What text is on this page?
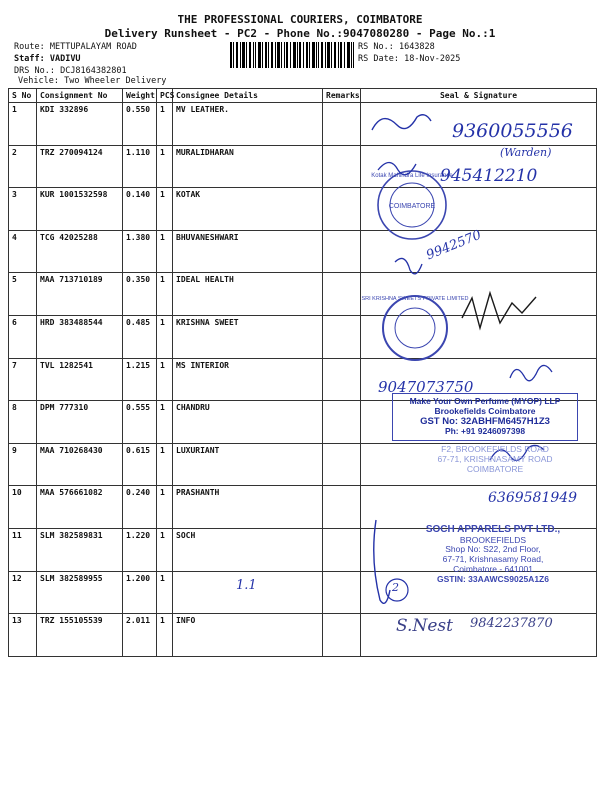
THE PROFESSIONAL COURIERS, COIMBATORE
Delivery Runsheet - PC2 - Phone No.:9047080280 - Page No.:1
Route: METTUPALAYAM ROAD
Staff: VADIVU
DRS No.: DCJ8164382801
Vehicle: Two Wheeler Delivery
RS No.: 1643828
RS Date: 18-Nov-2025
S No	Consignment No	Weight	PCS	Consignee Details	Remarks	Seal & Signature
1	KDI 332896	0.550	1	MV LEATHER.		
2	TRZ 270094124	1.110	1	MURALIDHARAN		
3	KUR 1001532598	0.140	1	KOTAK		
4	TCG 42025288	1.380	1	BHUVANESHWARI		
5	MAA 713710189	0.350	1	IDEAL HEALTH		
6	HRD 383488544	0.485	1	KRISHNA SWEET		
7	TVL 1282541	1.215	1	MS INTERIOR		
8	DPM 777310	0.555	1	CHANDRU		
9	MAA 710268430	0.615	1	LUXURIANT		
10	MAA 576661082	0.240	1	PRASHANTH		
11	SLM 382589831	1.220	1	SOCH		
12	SLM 382589955	1.200	1			
13	TRZ 155105539	2.011	1	INFO		
Kotak Mahindra Life Insurance
COIMBATORE
SRI KRISHNA SWEETS PRIVATE LIMITED
Make Your Own Perfume (MYOP) LLP
Brookefields Coimbatore
GST No: 32ABHFM6457H1Z3
Ph: +91 9246097398
F2, BROOKEFIELDS ROAD
67-71, KRISHNASAMY ROAD
COIMBATORE
SOCH APPARELS PVT LTD.,
BROOKEFIELDS
Shop No: S22, 2nd Floor,
67-71, Krishnasamy Road,
Coimbatore - 641001
GSTIN: 33AAWCS9025A1Z6
9360055556
(Warden)
945412210
9942570
9047073750
6369581949
1.1	2
S.Nest 9842237870
